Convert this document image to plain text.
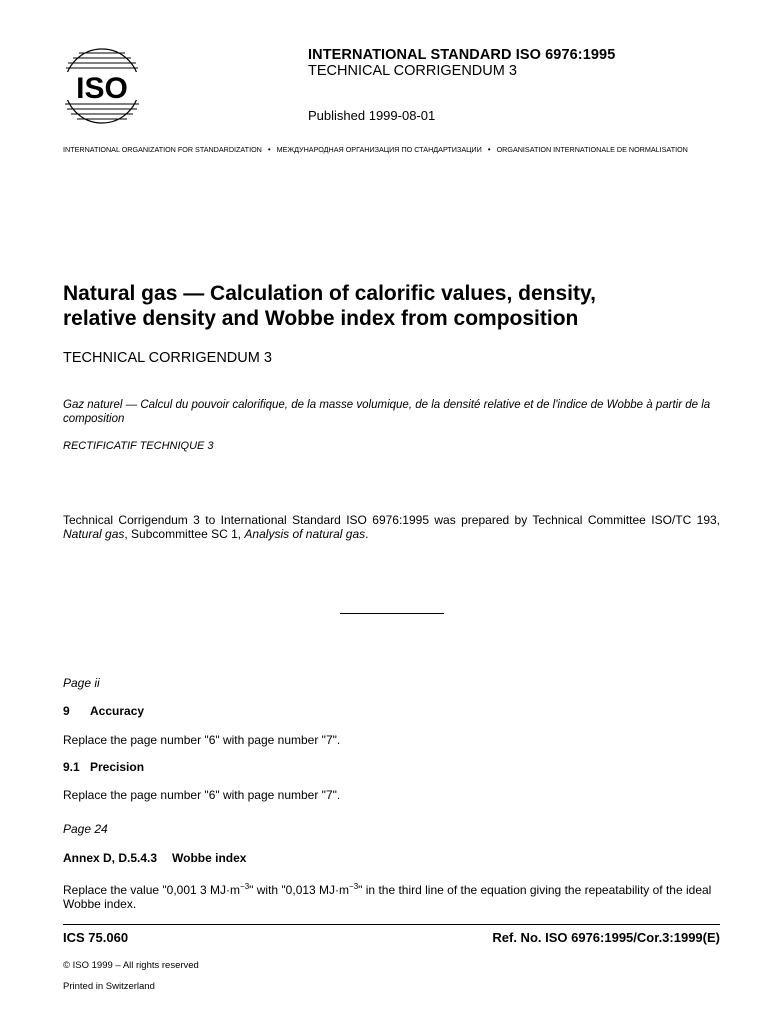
ISO
INTERNATIONAL STANDARD ISO 6976:1995
TECHNICAL CORRIGENDUM 3
Published 1999-08-01
INTERNATIONAL ORGANIZATION FOR STANDARDIZATION • МЕЖДУНАРОДНАЯ ОРГАНИЗАЦИЯ ПО СТАНДАРТИЗАЦИИ • ORGANISATION INTERNATIONALE DE NORMALISATION
Natural gas — Calculation of calorific values, density,
relative density and Wobbe index from composition
TECHNICAL CORRIGENDUM 3
Gaz naturel — Calcul du pouvoir calorifique, de la masse volumique, de la densité relative et de l'indice de Wobbe à partir de la composition
RECTIFICATIF TECHNIQUE 3
Technical Corrigendum 3 to International Standard ISO 6976:1995 was prepared by Technical Committee ISO/TC 193, Natural gas, Subcommittee SC 1, Analysis of natural gas.
Page ii
9 Accuracy
Replace the page number "6" with page number "7".
9.1 Precision
Replace the page number "6" with page number "7".
Page 24
Annex D, D.5.4.3 Wobbe index
Replace the value "0,001 3 $MJ\cdot m^{-3}$" with "0,013 $MJ\cdot m^{-3}$" in the third line of the equation giving the repeatability of the ideal Wobbe index.
ICS 75.060	Ref. No. ISO 6976:1995/Cor.3:1999(E)
© ISO 1999 – All rights reserved
Printed in Switzerland
